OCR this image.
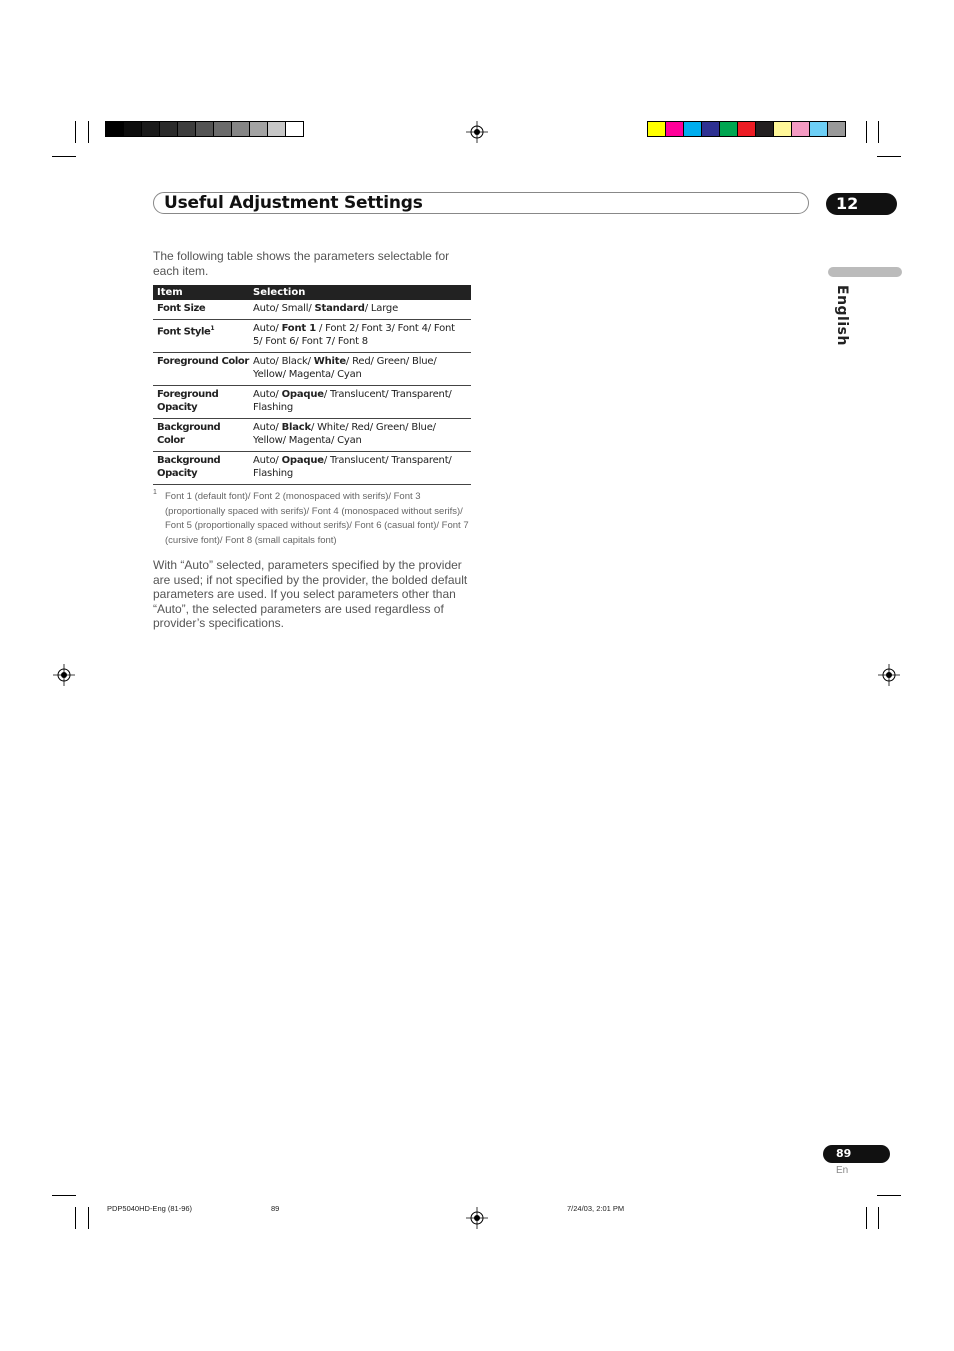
Useful Adjustment Settings	12
English
The following table shows the parameters selectable for each item.
Item	Selection
Font Size	Auto/ Small/ Standard/ Large
Font Style$^1$	Auto/ Font 1 / Font 2/ Font 3/ Font 4/ Font 5/ Font 6/ Font 7/ Font 8
Foreground Color	Auto/ Black/ White/ Red/ Green/ Blue/ Yellow/ Magenta/ Cyan
Foreground Opacity	Auto/ Opaque/ Translucent/ Transparent/ Flashing
Background Color	Auto/ Black/ White/ Red/ Green/ Blue/ Yellow/ Magenta/ Cyan
Background Opacity	Auto/ Opaque/ Translucent/ Transparent/ Flashing
1 Font 1 (default font)/ Font 2 (monospaced with serifs)/ Font 3 (proportionally spaced with serifs)/ Font 4 (monospaced without serifs)/ Font 5 (proportionally spaced without serifs)/ Font 6 (casual font)/ Font 7 (cursive font)/ Font 8 (small capitals font)
With “Auto” selected, parameters specified by the provider are used; if not specified by the provider, the bolded default parameters are used. If you select parameters other than “Auto”, the selected parameters are used regardless of provider’s specifications.
89
En
PDP5040HD-Eng (81-96)	89	7/24/03, 2:01 PM
